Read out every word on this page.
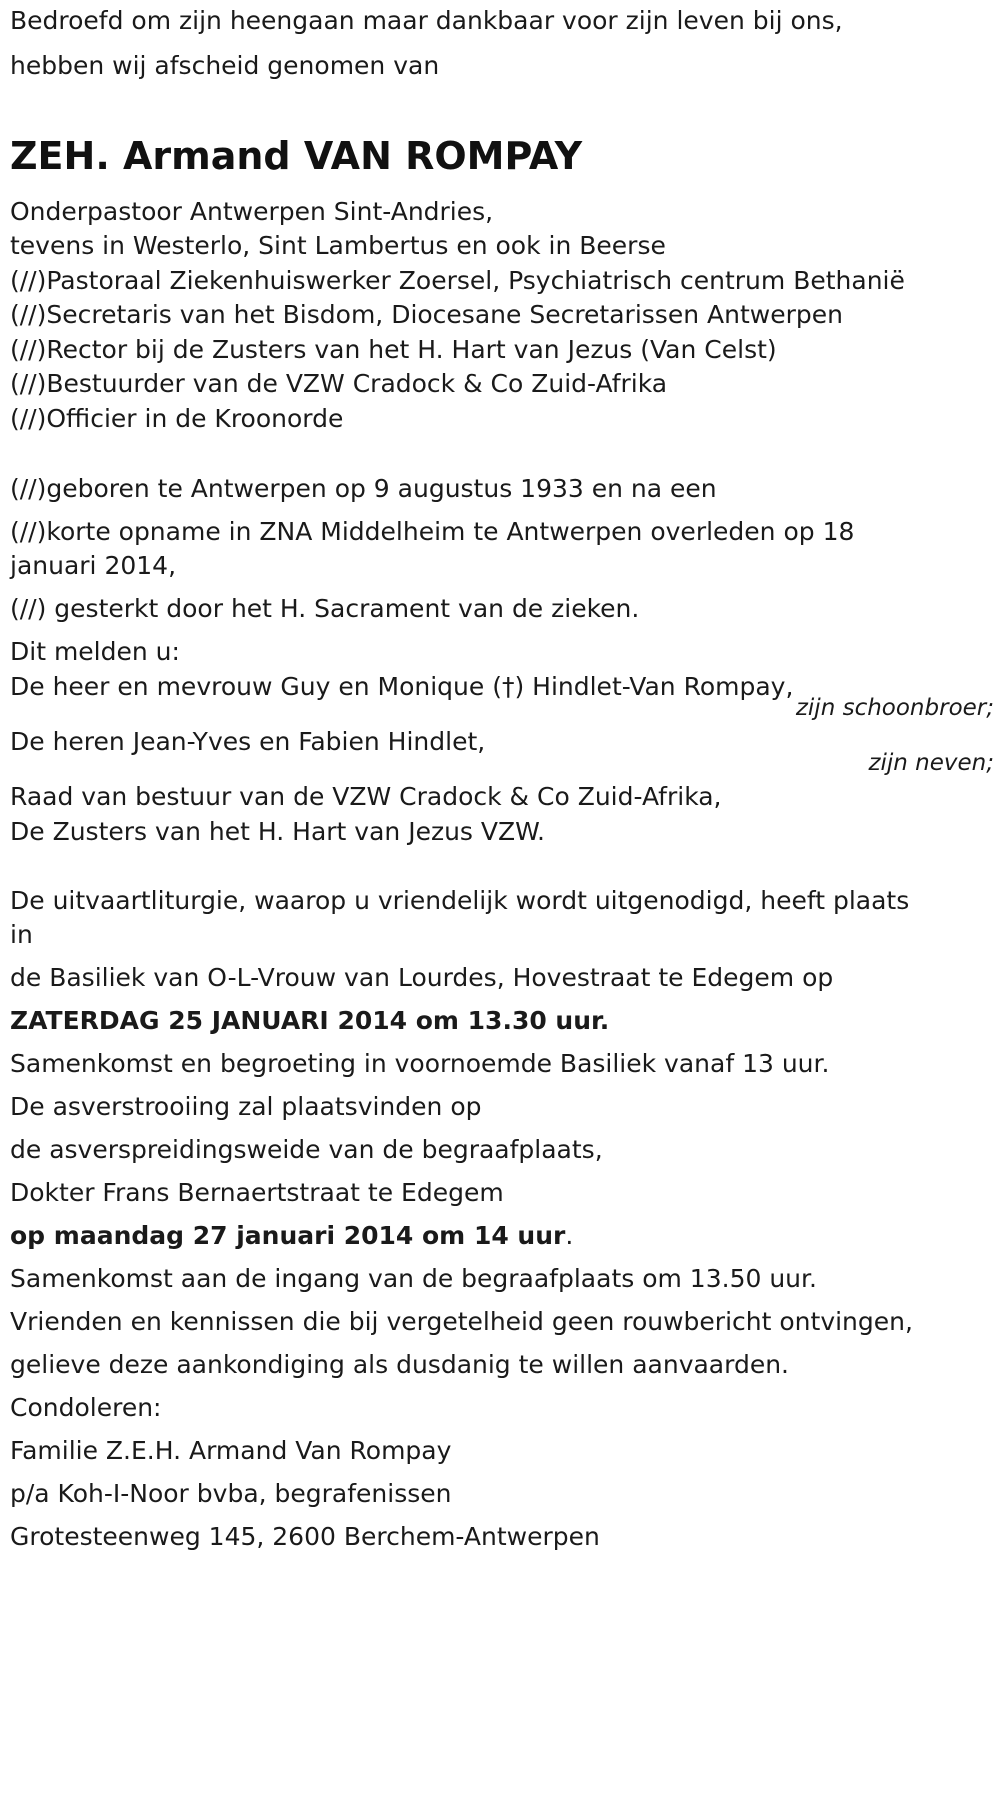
Bedroefd om zijn heengaan maar dankbaar voor zijn leven bij ons,
hebben wij afscheid genomen van
ZEH. Armand VAN ROMPAY
Onderpastoor Antwerpen Sint-Andries,
tevens in Westerlo, Sint Lambertus en ook in Beerse
(//)Pastoraal Ziekenhuiswerker Zoersel, Psychiatrisch centrum Bethanië
(//)Secretaris van het Bisdom, Diocesane Secretarissen Antwerpen
(//)Rector bij de Zusters van het H. Hart van Jezus (Van Celst)
(//)Bestuurder van de VZW Cradock & Co Zuid-Afrika
(//)Officier in de Kroonorde
(//)geboren te Antwerpen op 9 augustus 1933 en na een
(//)korte opname in ZNA Middelheim te Antwerpen overleden op 18
januari 2014,
(//) gesterkt door het H. Sacrament van de zieken.
Dit melden u:
De heer en mevrouw Guy en Monique (†) Hindlet-Van Rompay,
zijn schoonbroer;
De heren Jean-Yves en Fabien Hindlet,
zijn neven;
Raad van bestuur van de VZW Cradock & Co Zuid-Afrika,
De Zusters van het H. Hart van Jezus VZW.
De uitvaartliturgie, waarop u vriendelijk wordt uitgenodigd, heeft plaats
in
de Basiliek van O-L-Vrouw van Lourdes, Hovestraat te Edegem op
ZATERDAG 25 JANUARI 2014 om 13.30 uur.
Samenkomst en begroeting in voornoemde Basiliek vanaf 13 uur.
De asverstrooiing zal plaatsvinden op
de asverspreidingsweide van de begraafplaats,
Dokter Frans Bernaertstraat te Edegem
op maandag 27 januari 2014 om 14 uur.
Samenkomst aan de ingang van de begraafplaats om 13.50 uur.
Vrienden en kennissen die bij vergetelheid geen rouwbericht ontvingen,
gelieve deze aankondiging als dusdanig te willen aanvaarden.
Condoleren:
Familie Z.E.H. Armand Van Rompay
p/a Koh-I-Noor bvba, begrafenissen
Grotesteenweg 145, 2600 Berchem-Antwerpen
